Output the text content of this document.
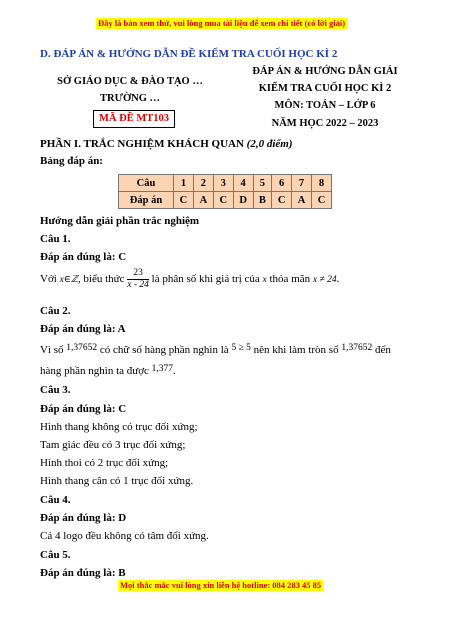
Đây là bản xem thử, vui lòng mua tài liệu để xem chi tiết (có lời giải)
D. ĐÁP ÁN & HƯỚNG DẪN ĐỀ KIỂM TRA CUỐI HỌC KÌ 2
SỞ GIÁO DỤC & ĐÀO TẠO …
TRƯỜNG …
MÃ ĐỀ MT103
ĐÁP ÁN & HƯỚNG DẪN GIẢI
KIỂM TRA CUỐI HỌC KÌ 2
MÔN: TOÁN – LỚP 6
NĂM HỌC 2022 – 2023
PHẦN I. TRẮC NGHIỆM KHÁCH QUAN (2,0 điểm)
Bảng đáp án:
Câu	1	2	3	4	5	6	7	8
Đáp án	C	A	C	D	B	C	A	C
Hướng dẫn giải phần trắc nghiệm
Câu 1.
Đáp án đúng là: C
Với x∈ℤ, biểu thức $\frac{23}{x - 24}$ là phân số khi giá trị của x thỏa mãn x ≠ 24.
Câu 2.
Đáp án đúng là: A
Vì số 1,37652 có chữ số hàng phần nghìn là 5 ≥ 5 nên khi làm tròn số 1,37652 đến
hàng phần nghìn ta được 1,377.
Câu 3.
Đáp án đúng là: C
Hình thang không có trục đối xứng;
Tam giác đều có 3 trục đối xứng;
Hình thoi có 2 trục đối xứng;
Hình thang cân có 1 trục đối xứng.
Câu 4.
Đáp án đúng là: D
Cả 4 logo đều không có tâm đối xứng.
Câu 5.
Đáp án đúng là: B
Mọi thắc mắc vui lòng xin liên hệ hotline: 084 283 45 85
